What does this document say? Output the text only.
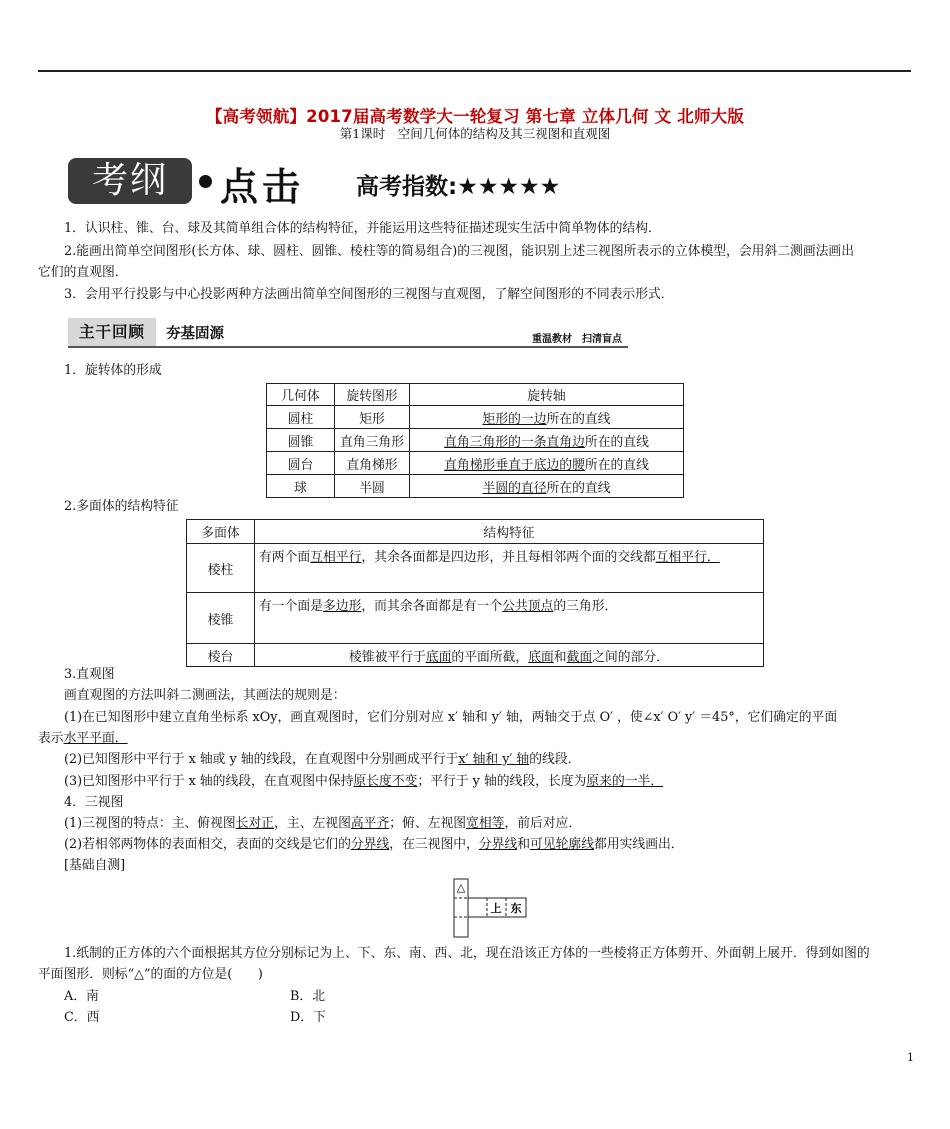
【高考领航】2017届高考数学大一轮复习 第七章 立体几何 文 北师大版
第1课时　空间几何体的结构及其三视图和直观图
考纲	点击 高考指数:★★★★★
1．认识柱、锥、台、球及其简单组合体的结构特征，并能运用这些特征描述现实生活中简单物体的结构．
2.能画出简单空间图形(长方体、球、圆柱、圆锥、棱柱等的简易组合)的三视图，能识别上述三视图所表示的立体模型，会用斜二测画法画出
它们的直观图．
3．会用平行投影与中心投影两种方法画出简单空间图形的三视图与直观图，了解空间图形的不同表示形式．
主干回顾	夯基固源	重温教材　扫清盲点
1．旋转体的形成
几何体	旋转图形	旋转轴
圆柱	矩形	矩形的一边所在的直线
圆锥	直角三角形	直角三角形的一条直角边所在的直线
圆台	直角梯形	直角梯形垂直于底边的腰所在的直线
球	半圆	半圆的直径所在的直线
2.多面体的结构特征
多面体	结构特征
棱柱	有两个面互相平行，其余各面都是四边形，并且每相邻两个面的交线都互相平行．
棱锥	有一个面是多边形，而其余各面都是有一个公共顶点的三角形．
棱台	棱锥被平行于底面的平面所截，底面和截面之间的部分．
3.直观图
画直观图的方法叫斜二测画法，其画法的规则是：
(1)在已知图形中建立直角坐标系 xOy，画直观图时，它们分别对应 x′ 轴和 y′ 轴，两轴交于点 O′ ，使∠x′ O′ y′ ＝45°，它们确定的平面
表示水平平面．
(2)已知图形中平行于 x 轴或 y 轴的线段，在直观图中分别画成平行于x′ 轴和 y′ 轴的线段．
(3)已知图形中平行于 x 轴的线段，在直观图中保持原长度不变；平行于 y 轴的线段，长度为原来的一半．
4．三视图
(1)三视图的特点：主、俯视图长对正，主、左视图高平齐；俯、左视图宽相等，前后对应．
(2)若相邻两物体的表面相交，表面的交线是它们的分界线，在三视图中，分界线和可见轮廓线都用实线画出．
[基础自测]
△
上 东
1.纸制的正方体的六个面根据其方位分别标记为上、下、东、南、西、北，现在沿该正方体的一些棱将正方体剪开、外面朝上展开．得到如图的
平面图形．则标“△”的面的方位是(　　)
A．南	B．北
C．西	D．下
1
